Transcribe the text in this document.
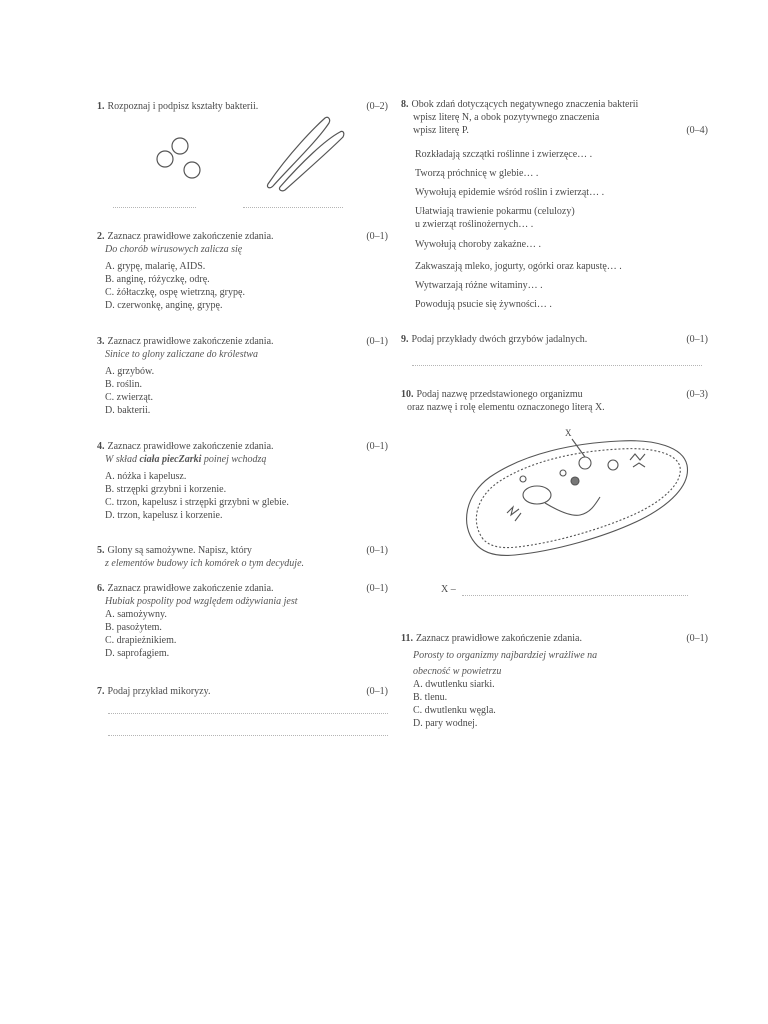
1. Rozpoznaj i podpisz kształty bakterii.	(0–2)
2. Zaznacz prawidłowe zakończenie zdania.	(0–1)
Do chorób wirusowych zalicza się
A. grypę, malarię, AIDS.
B. anginę, różyczkę, odrę.
C. żółtaczkę, ospę wietrzną, grypę.
D. czerwonkę, anginę, grypę.
3. Zaznacz prawidłowe zakończenie zdania.	(0–1)
Sinice to glony zaliczane do królestwa
A. grzybów.
B. roślin.
C. zwierząt.
D. bakterii.
4. Zaznacz prawidłowe zakończenie zdania.	(0–1)
W skład ciała piecZarki poinej wchodzą
A. nóżka i kapelusz.
B. strzępki grzybni i korzenie.
C. trzon, kapelusz i strzępki grzybni w glebie.
D. trzon, kapelusz i korzenie.
5. Glony są samożywne. Napisz, który	(0–1)
z elementów budowy ich komórek o tym decyduje.
6. Zaznacz prawidłowe zakończenie zdania.	(0–1)
Hubiak pospolity pod względem odżywiania jest
A. samożywny.
B. pasożytem.
C. drapieżnikiem.
D. saprofagiem.
7. Podaj przykład mikoryzy.	(0–1)
8. Obok zdań dotyczących negatywnego znaczenia bakterii
wpisz literę N, a obok pozytywnego znaczenia
wpisz literę P.	(0–4)
Rozkładają szczątki roślinne i zwierzęce… .
Tworzą próchnicę w glebie… .
Wywołują epidemie wśród roślin i zwierząt… .
Ułatwiają trawienie pokarmu (celulozy)
u zwierząt roślinożernych… .
Wywołują choroby zakaźne… .
Zakwaszają mleko, jogurty, ogórki oraz kapustę… .
Wytwarzają różne witaminy… .
Powodują psucie się żywności… .
9. Podaj przykłady dwóch grzybów jadalnych.	(0–1)
10. Podaj nazwę przedstawionego organizmu	(0–3)
oraz nazwę i rolę elementu oznaczonego literą X.
X
X –
11. Zaznacz prawidłowe zakończenie zdania.	(0–1)
Porosty to organizmy najbardziej wrażliwe na
obecność w powietrzu
A. dwutlenku siarki.
B. tlenu.
C. dwutlenku węgla.
D. pary wodnej.
